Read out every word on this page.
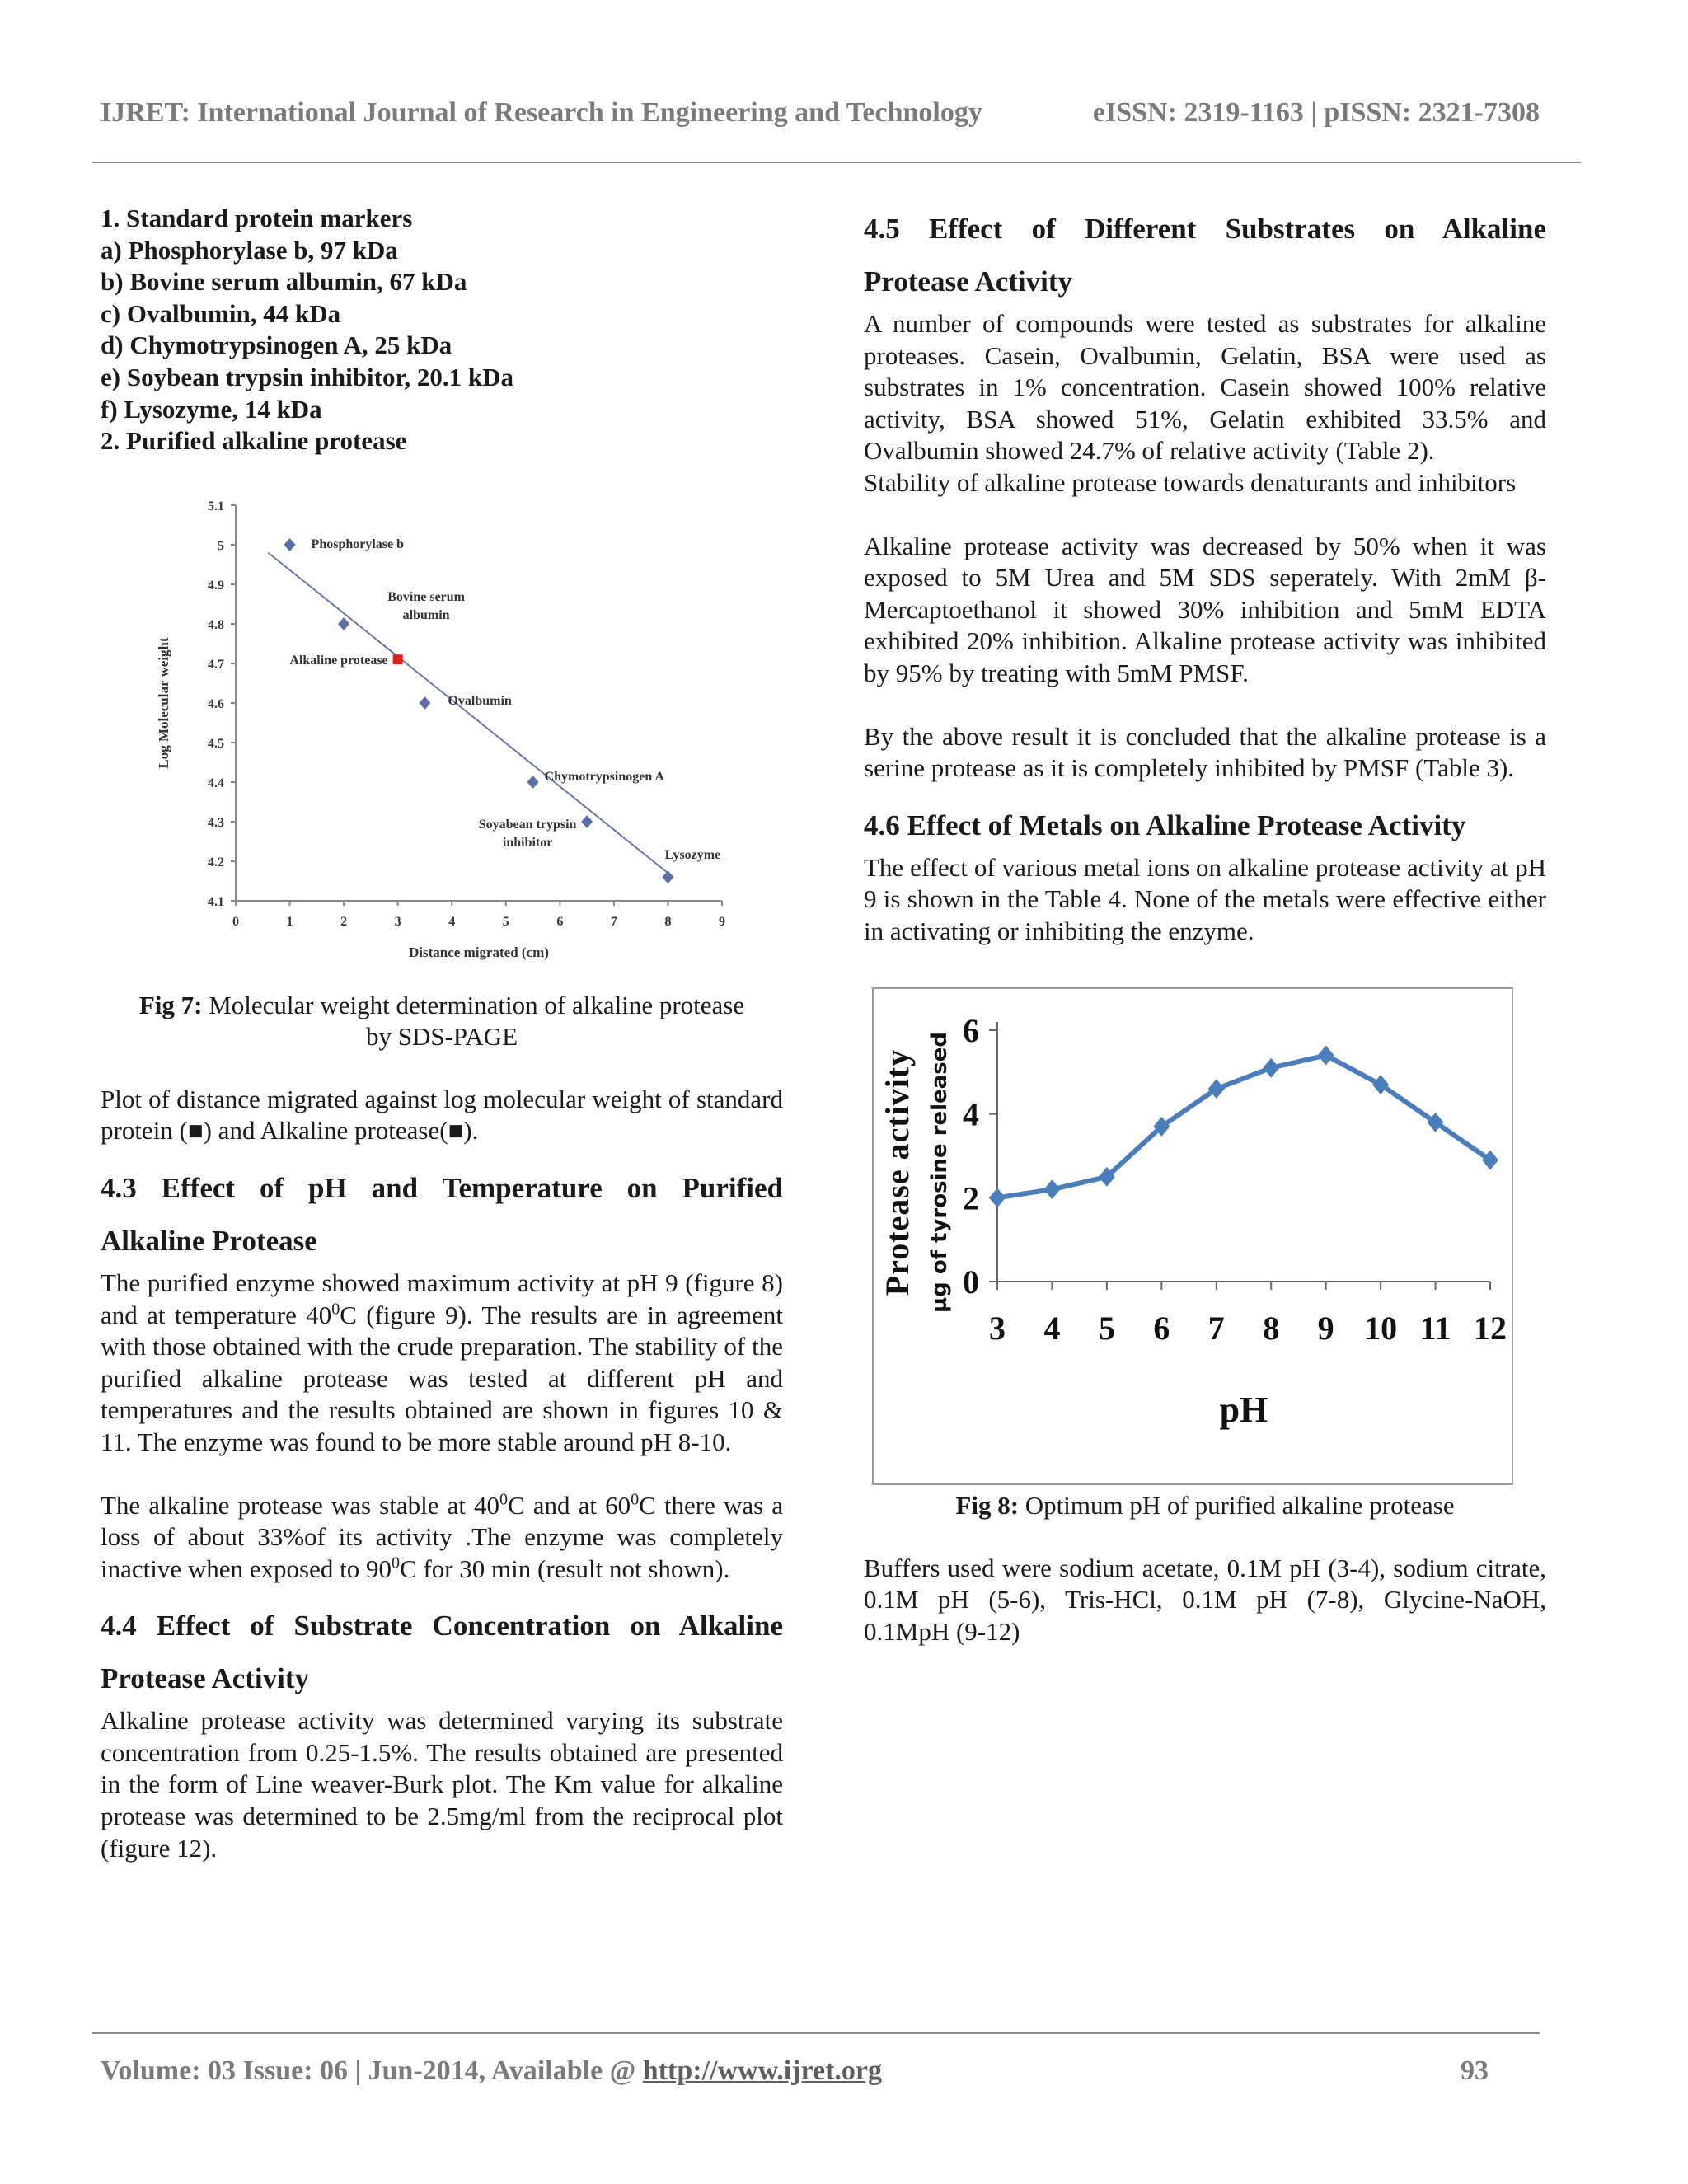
IJRET: International Journal of Research in Engineering and Technology	eISSN: 2319-1163 | pISSN: 2321-7308
1. Standard protein markers
a) Phosphorylase b, 97 kDa
b) Bovine serum albumin, 67 kDa
c) Ovalbumin, 44 kDa
d) Chymotrypsinogen A, 25 kDa
e) Soybean trypsin inhibitor, 20.1 kDa
f) Lysozyme, 14 kDa
2. Purified alkaline protease
4.1
4.2
4.3
4.4
4.5
4.6
4.7
4.8
4.9
5
5.1
0	1	2	3	4	5	6	7	8	9
Distance migrated (cm)
Log Molecular weight
Phosphorylase b
Bovine serum
albumin
Ovalbumin
Chymotrypsinogen A
Soyabean trypsin
inhibitor
Lysozyme
Alkaline protease
Fig 7: Molecular weight determination of alkaline protease
by SDS-PAGE

Plot of distance migrated against log molecular weight of standard protein (■) and Alkaline protease(■).

4.3 Effect of pH and Temperature on Purified
Alkaline Protease

The purified enzyme showed maximum activity at pH 9 (figure 8) and at temperature $40^0C$ (figure 9). The results are in agreement with those obtained with the crude preparation. The stability of the purified alkaline protease was tested at different pH and temperatures and the results obtained are shown in figures 10 & 11. The enzyme was found to be more stable around pH 8-10.

The alkaline protease was stable at $40^0C$ and at $60^0C$ there was a loss of about 33%of its activity .The enzyme was completely inactive when exposed to $90^0C$ for 30 min (result not shown).

4.4 Effect of Substrate Concentration on Alkaline
Protease Activity

Alkaline protease activity was determined varying its substrate concentration from 0.25-1.5%. The results obtained are presented in the form of Line weaver-Burk plot. The Km value for alkaline protease was determined to be 2.5mg/ml from the reciprocal plot (figure 12).

4.5 Effect of Different Substrates on Alkaline
Protease Activity

A number of compounds were tested as substrates for alkaline proteases. Casein, Ovalbumin, Gelatin, BSA were used as substrates in 1% concentration. Casein showed 100% relative activity, BSA showed 51%, Gelatin exhibited 33.5% and Ovalbumin showed 24.7% of relative activity (Table 2).

Stability of alkaline protease towards denaturants and inhibitors

Alkaline protease activity was decreased by 50% when it was exposed to 5M Urea and 5M SDS seperately. With 2mM β-Mercaptoethanol it showed 30% inhibition and 5mM EDTA exhibited 20% inhibition. Alkaline protease activity was inhibited by 95% by treating with 5mM PMSF.

By the above result it is concluded that the alkaline protease is a serine protease as it is completely inhibited by PMSF (Table 3).

4.6 Effect of Metals on Alkaline Protease Activity

The effect of various metal ions on alkaline protease activity at pH 9 is shown in the Table 4. None of the metals were effective either in activating or inhibiting the enzyme.

0
2
4
6
3 4 5 6 7 8 9 10 11 12
pH
Protease activity µg of tyrosine released
Fig 8: Optimum pH of purified alkaline protease

Buffers used were sodium acetate, 0.1M pH (3-4), sodium citrate, 0.1M pH (5-6), Tris-HCl, 0.1M pH (7-8), Glycine-NaOH, 0.1MpH (9-12)

Volume: 03 Issue: 06 | Jun-2014, Available @ http://www.ijret.org	93
